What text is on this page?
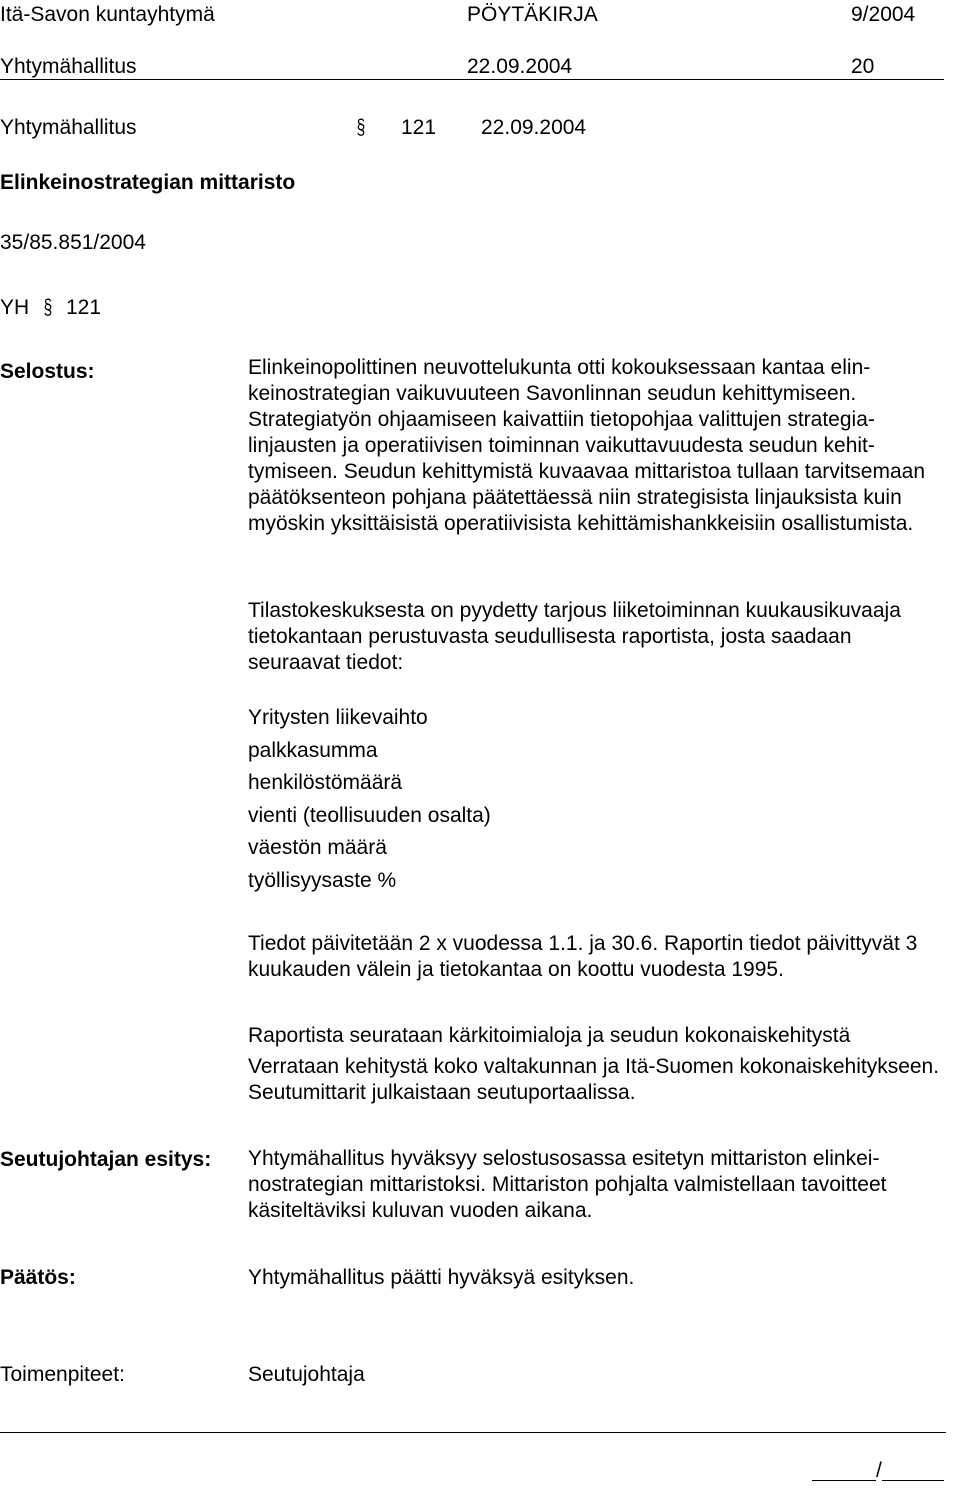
Itä-Savon kuntayhtymä	PÖYTÄKIRJA	9/2004
Yhtymähallitus	22.09.2004	20
Yhtymähallitus	§ 121 22.09.2004
Elinkeinostrategian mittaristo
35/85.851/2004
YH § 121
Selostus:	Elinkeinopolittinen neuvottelukunta otti kokouksessaan kantaa elinkeinostrategian vaikuvuuteen Savonlinnan seudun kehittymiseen. Strategiatyön ohjaamiseen kaivattiin tietopohjaa valittujen strategialinjausten ja operatiivisen toiminnan vaikuttavuudesta seudun kehittymiseen. Seudun kehittymistä kuvaavaa mittaristoa tullaan tarvitsemaan päätöksenteon pohjana päätettäessä niin strategisista linjauksista kuin myöskin yksittäisistä operatiivisista kehittämishankkeisiin osallistumista.

Tilastokeskuksesta on pyydetty tarjous liiketoiminnan kuukausikuvaaja tietokantaan perustuvasta seudullisesta raportista, josta saadaan seuraavat tiedot:

Yritysten liikevaihto
palkkasumma
henkilöstömäärä
vienti (teollisuuden osalta)
väestön määrä
työllisyysaste %

Tiedot päivitetään 2 x vuodessa 1.1. ja 30.6. Raportin tiedot päivittyvät 3 kuukauden välein ja tietokantaa on koottu vuodesta 1995.

Raportista seurataan kärkitoimialoja ja seudun kokonaiskehitystä

Verrataan kehitystä koko valtakunnan ja Itä-Suomen kokonaiskehitykseen. Seutumittarit julkaistaan seutuportaalissa.

Seutujohtajan esitys: Yhtymähallitus hyväksyy selostusosassa esitetyn mittariston elinkeinostrategian mittaristoksi. Mittariston pohjalta valmistellaan tavoitteet käsiteltäviksi kuluvan vuoden aikana.

Päätös:	Yhtymähallitus päätti hyväksyä esityksen.
Toimenpiteet:	Seutujohtaja
/
